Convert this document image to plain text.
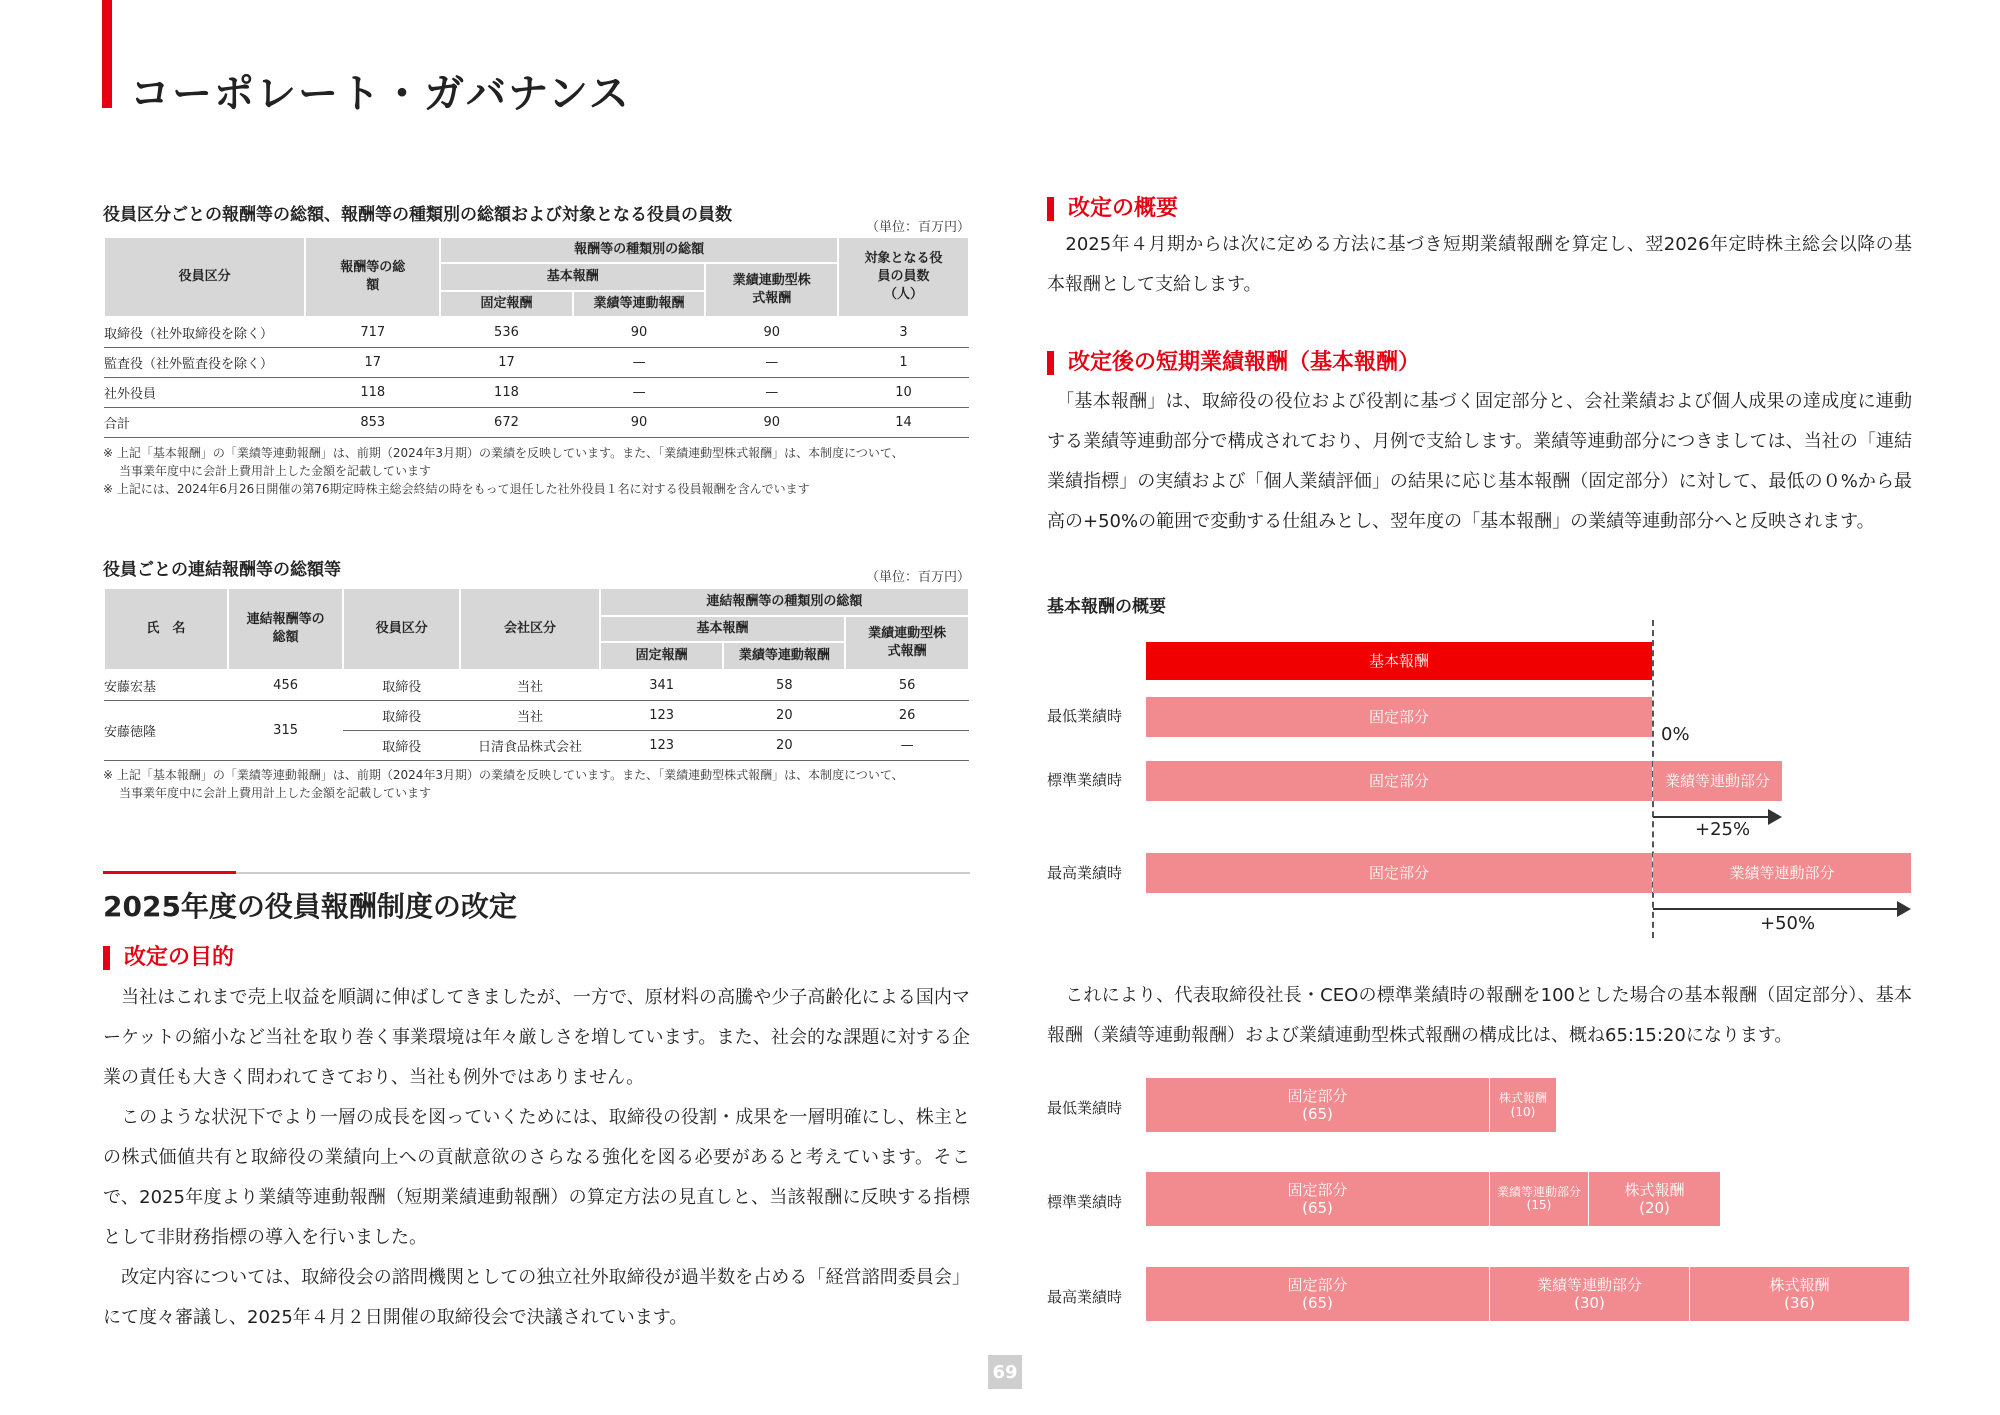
コーポレート・ガバナンス
役員区分ごとの報酬等の総額、報酬等の種類別の総額および対象となる役員の員数
（単位：百万円）
役員区分	報酬等の総額	報酬等の種類別の総額			対象となる役員の員数（人）
		基本報酬		業績連動型株式報酬	
		固定報酬	業績等連動報酬		
取締役（社外取締役を除く）	717	536	90	90	3
監査役（社外監査役を除く）	17	17	—	—	1
社外役員	118	118	—	—	10
合計	853	672	90	90	14
※ 上記「基本報酬」の「業績等連動報酬」は、前期（2024年3月期）の業績を反映しています。また、「業績連動型株式報酬」は、本制度について、
当事業年度中に会計上費用計上した金額を記載しています
※ 上記には、2024年6月26日開催の第76期定時株主総会終結の時をもって退任した社外役員１名に対する役員報酬を含んでいます
役員ごとの連結報酬等の総額等	（単位：百万円）
氏　名	連結報酬等の総額	役員区分	会社区分	連結報酬等の種類別の総額		
				基本報酬		業績連動型株式報酬
				固定報酬	業績等連動報酬	
安藤宏基	456	取締役	当社	341	58	56
安藤徳隆	315	取締役	当社	123	20	26
		取締役	日清食品株式会社	123	20	—
※ 上記「基本報酬」の「業績等連動報酬」は、前期（2024年3月期）の業績を反映しています。また、「業績連動型株式報酬」は、本制度について、
当事業年度中に会計上費用計上した金額を記載しています
2025年度の役員報酬制度の改定
改定の目的

　当社はこれまで売上収益を順調に伸ばしてきましたが、一方で、原材料の高騰や少子高齢化による国内マーケットの縮小など当社を取り巻く事業環境は年々厳しさを増しています。また、社会的な課題に対する企業の責任も大きく問われてきており、当社も例外ではありません。

　このような状況下でより一層の成長を図っていくためには、取締役の役割・成果を一層明確にし、株主との株式価値共有と取締役の業績向上への貢献意欲のさらなる強化を図る必要があると考えています。そこで、2025年度より業績等連動報酬（短期業績連動報酬）の算定方法の見直しと、当該報酬に反映する指標として非財務指標の導入を行いました。

　改定内容については、取締役会の諮問機関としての独立社外取締役が過半数を占める「経営諮問委員会」にて度々審議し、2025年４月２日開催の取締役会で決議されています。

改定の概要
　2025年４月期からは次に定める方法に基づき短期業績報酬を算定し、翌2026年定時株主総会以降の基本報酬として支給します。
改定後の短期業績報酬（基本報酬）
　「基本報酬」は、取締役の役位および役割に基づく固定部分と、会社業績および個人成果の達成度に連動する業績等連動部分で構成されており、月例で支給します。業績等連動部分につきましては、当社の「連結業績指標」の実績および「個人業績評価」の結果に応じ基本報酬（固定部分）に対して、最低の０%から最高の+50%の範囲で変動する仕組みとし、翌年度の「基本報酬」の業績等連動部分へと反映されます。
基本報酬の概要
基本報酬
最低業績時	固定部分
0%
標準業績時	固定部分	業績等連動部分
+25%
最高業績時	固定部分	業績等連動部分
+50%
　これにより、代表取締役社長・CEOの標準業績時の報酬を100とした場合の基本報酬（固定部分）、基本報酬（業績等連動報酬）および業績連動型株式報酬の構成比は、概ね65:15:20になります。
最低業績時
固定部分
(65)
株式報酬
(10)
標準業績時
固定部分
(65)
業績等連動部分
(15)
株式報酬
(20)
最高業績時
固定部分
(65)
業績等連動部分
(30)
株式報酬
(36)
69
